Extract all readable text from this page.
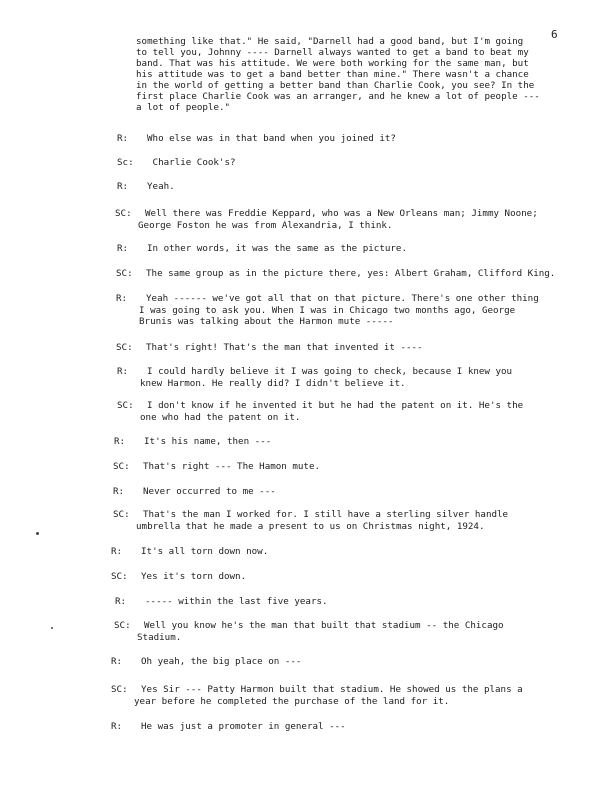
6
something like that." He said, "Darnell had a good band, but I'm going
to tell you, Johnny ---- Darnell always wanted to get a band to beat my
band. That was his attitude. We were both working for the same man, but
his attitude was to get a band better than mine." There wasn't a chance
in the world of getting a better band than Charlie Cook, you see? In the
first place Charlie Cook was an arranger, and he knew a lot of people ---
a lot of people."
R: Who else was in that band when you joined it?
Sc: Charlie Cook's?
R: Yeah.
SC: Well there was Freddie Keppard, who was a New Orleans man; Jimmy Noone;
George Foston he was from Alexandria, I think.
R: In other words, it was the same as the picture.
SC: The same group as in the picture there, yes: Albert Graham, Clifford King.
R: Yeah ------ we've got all that on that picture. There's one other thing
I was going to ask you. When I was in Chicago two months ago, George
Brunis was talking about the Harmon mute -----
SC: That's right! That's the man that invented it ----
R: I could hardly believe it I was going to check, because I knew you
knew Harmon. He really did? I didn't believe it.
SC: I don't know if he invented it but he had the patent on it. He's the
one who had the patent on it.
R: It's his name, then ---
SC: That's right --- The Hamon mute.
R: Never occurred to me ---
SC: That's the man I worked for. I still have a sterling silver handle
umbrella that he made a present to us on Christmas night, 1924.
R: It's all torn down now.
SC: Yes it's torn down.
R: ----- within the last five years.
SC: Well you know he's the man that built that stadium -- the Chicago
Stadium.
R: Oh yeah, the big place on ---
SC: Yes Sir --- Patty Harmon built that stadium. He showed us the plans a
year before he completed the purchase of the land for it.
R: He was just a promoter in general ---
